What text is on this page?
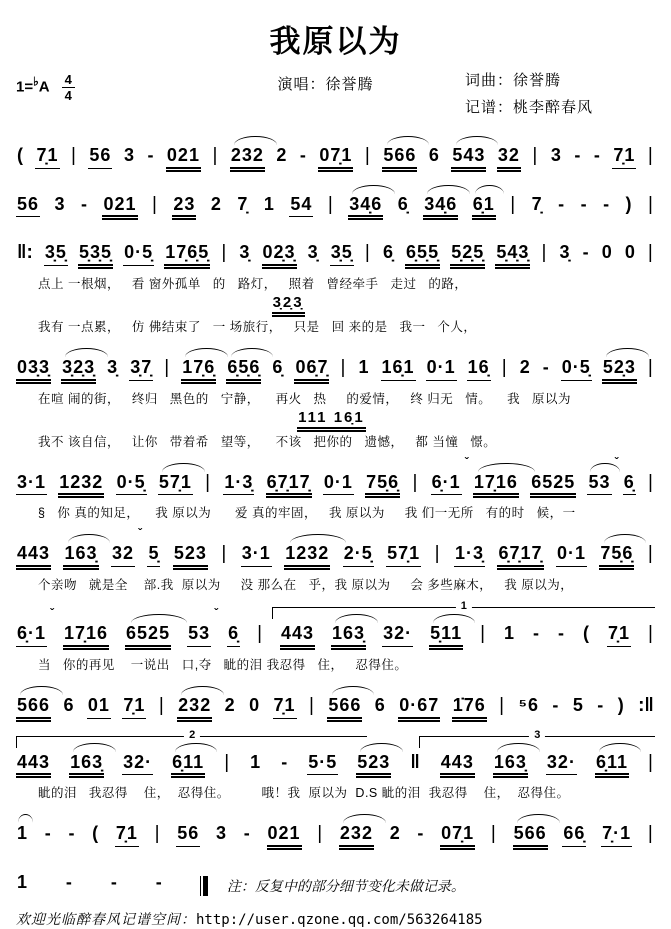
我原以为
$1=^♭A \frac{4}{4}$	演唱：徐誉腾	词曲：徐誉腾
记谱：桃李醉春风
( 7̣1 | 56 3 - 021 | 232 2 - 07̣1 | 566 6 543 32 | 3 - - 7̣1 |
56 3 - 021 | 23 2 7̣ 1 54 | 34̣6 6̣ 34̣6 6̣1 | 7̣ - - - ) |
‖: 3̣5̣ 5̣3̣5̣ 0·5̣ 17̣6̣5̣ | 3̣ 02̣3̣ 3̣ 3̣5̣ | 6̣ 6̣5̣5̣ 5̣2̣5̣ 5̣4̣3̣ | 3̣ - 0 0 |
点上 一根烟，   看 窗外孤单   的   路灯，   照着   曾经牵手   走过   的路，
3̣2̣3̣
我有 一点累，   仿 佛结束了   一 场旅行，   只是   回 来的是   我一   个人，
03̣3̣ 3̣2̣3̣ 3̣ 3̣7̣ | 17̣6̣ 6̣5̣6̣ 6̣ 06̣7̣ | 1 16̣1 0·1 16̣ | 2 - 0·5̣ 52̣3 |
在喧 闹的街，   终归   黑色的   宁静，    再火   热     的爱情，   终 归无   情。    我   原以为
111 16̣1
我不 该自信，   让你   带着希   望等，    不该   把你的   遗憾，   都 当憧   憬。
3·1 1232 0·5̣ 57̣1 | 1·3̣ 6̣7̣17̣ 0·1 75̣6̣ | 6̣·1 ˇ 17̣16 6525 53 ˇ 6̣ |
§   你 真的知足，    我 原以为      爱 真的牢固，   我 原以为     我 们一无所   有的时   候，一
443 163̣ 32 ˇ 5̣ 523 | 3·1 1232 2·5̣ 57̣1 | 1·3̣ 6̣7̣17̣ 0·1 75̣6̣ |
个亲吻   就是全    部.我  原以为     没 那么在   乎，我 原以为     会 多些麻木，   我 原以为，
1
6̣·1 ˇ 17̣16 6525 53 ˇ 6̣ | 443 163̣ 32· 5̣11 | 1 - - ( 7̣1 |
当   你的再见    一说出   口,夺   眦的泪 我忍得   住，   忍得住。
566 6 01 7̣1 | 232 2 0 7̣1 | 566 6 0·67 1̇76 | ⁵6 - 5 - ) :‖
2	3
443 163̣ 32· 6̣11 | 1 - 5·5 523 ‖ 443 163̣ 32· 6̣11 |
眦的泪   我忍得    住，  忍得住。        哦！我  原以为  D.S 眦的泪  我忍得    住，  忍得住。
1 - - ( 7̣1 | 56 3 - 021 | 232 2 - 07̣1 | 566 66̣ 7̣·1 |
1 - - -	注：反复中的部分细节变化未做记录。
欢迎光临醉春风记谱空间： http://user.qzone.qq.com/563264185
